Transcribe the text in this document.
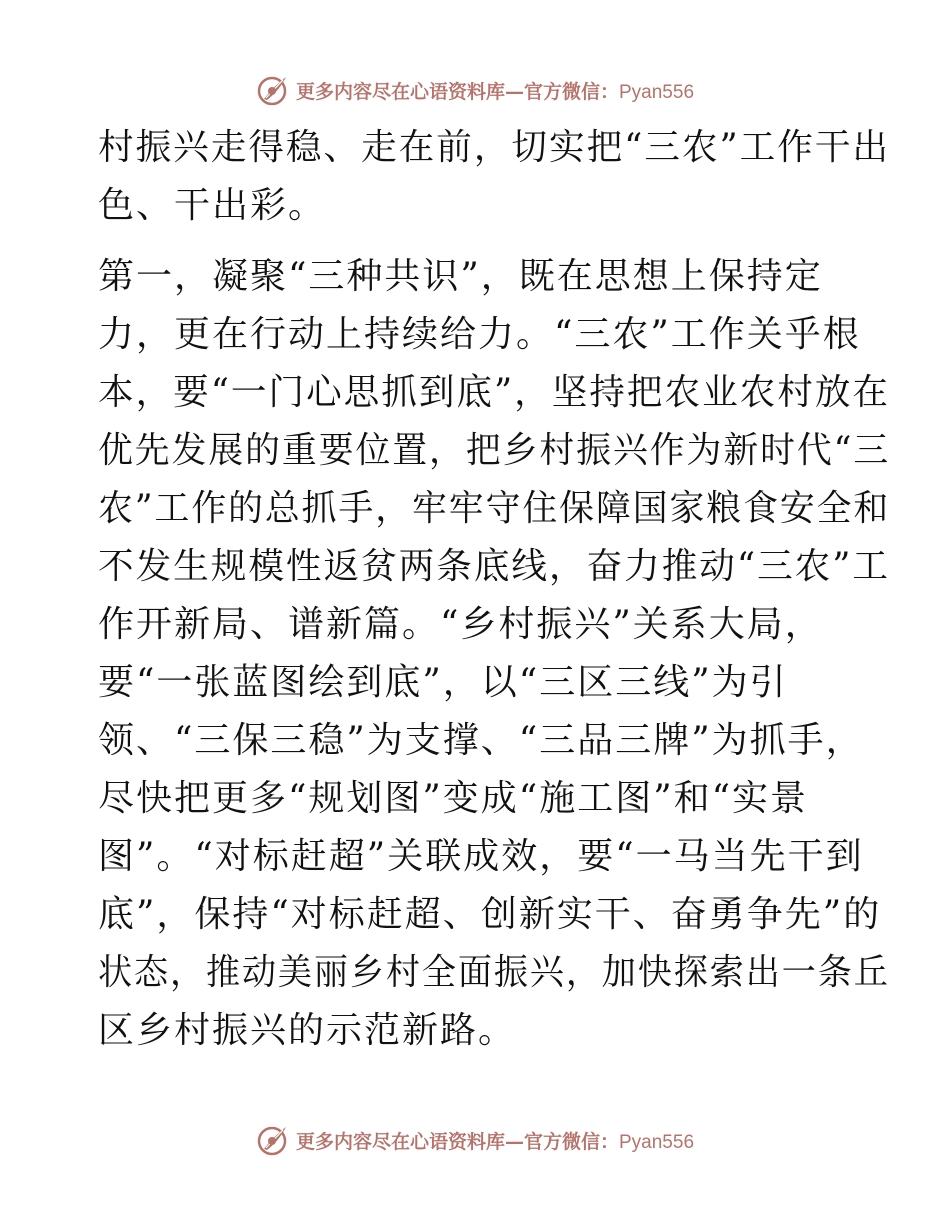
更多内容尽在心语资料库—官方微信：Pyan556
村振兴走得稳、走在前，切实把“三农”工作干出
色、干出彩。
第一，凝聚“三种共识”，既在思想上保持定
力，更在行动上持续给力。“三农”工作关乎根
本，要“一门心思抓到底”，坚持把农业农村放在
优先发展的重要位置，把乡村振兴作为新时代“三
农”工作的总抓手，牢牢守住保障国家粮食安全和
不发生规模性返贫两条底线，奋力推动“三农”工
作开新局、谱新篇。“乡村振兴”关系大局，
要“一张蓝图绘到底”，以“三区三线”为引
领、“三保三稳”为支撑、“三品三牌”为抓手，
尽快把更多“规划图”变成“施工图”和“实景
图”。“对标赶超”关联成效，要“一马当先干到
底”，保持“对标赶超、创新实干、奋勇争先”的
状态，推动美丽乡村全面振兴，加快探索出一条丘
区乡村振兴的示范新路。
更多内容尽在心语资料库—官方微信：Pyan556
